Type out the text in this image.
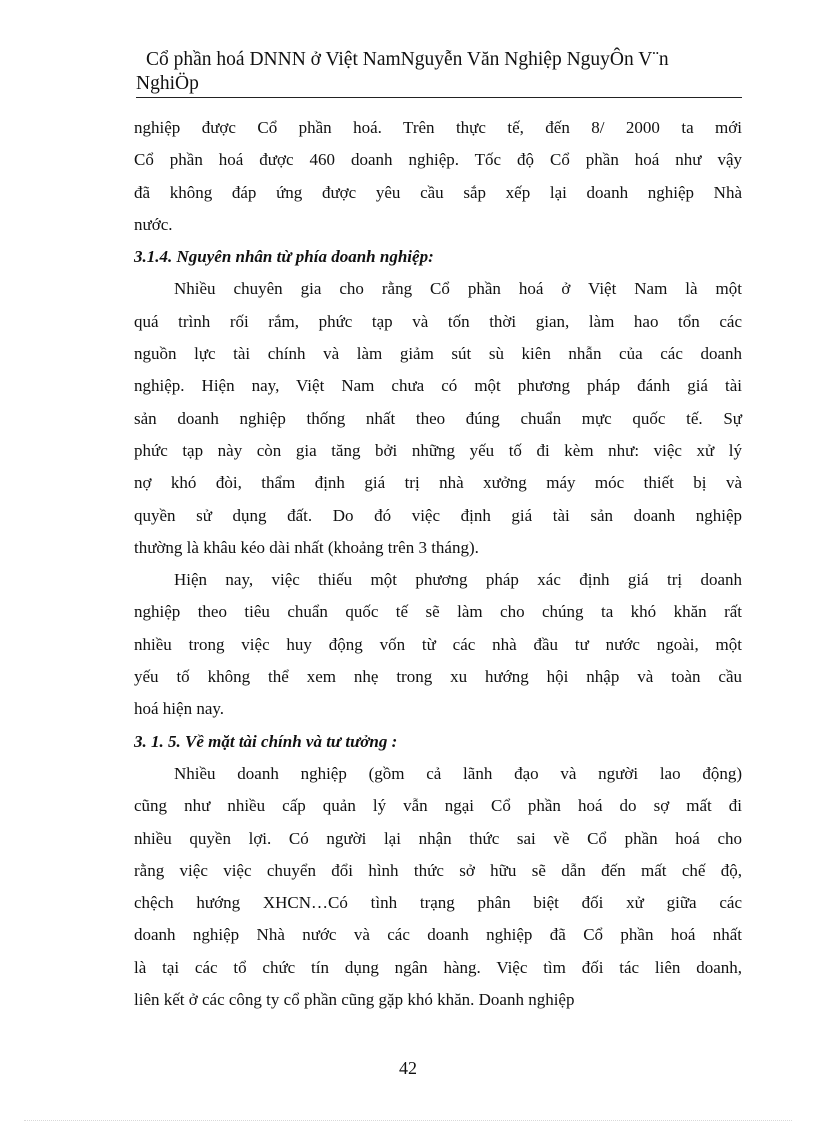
Cổ phần hoá DNNN ở Việt NamNguyễn Văn Nghiệp NguyÔn V¨n
NghiÖp
nghiệp được Cổ phần hoá. Trên thực tế, đến 8/ 2000 ta mới
Cổ phần hoá được 460 doanh nghiệp. Tốc độ Cổ phần hoá như vậy
đã không đáp ứng được yêu cầu sắp xếp lại doanh nghiệp Nhà
nước.
3.1.4. Nguyên nhân từ phía doanh nghiệp:
Nhiều chuyên gia cho rằng Cổ phần hoá ở Việt Nam là một
quá trình rối rắm, phức tạp và tốn thời gian, làm hao tổn các
nguồn lực tài chính và làm giảm sút sù kiên nhẫn của các doanh
nghiệp. Hiện nay, Việt Nam chưa có một phương pháp đánh giá tài
sản doanh nghiệp thống nhất theo đúng chuẩn mực quốc tế. Sự
phức tạp này còn gia tăng bởi những yếu tố đi kèm như: việc xử lý
nợ khó đòi, thẩm định giá trị nhà xưởng máy móc thiết bị và
quyền sử dụng đất. Do đó việc định giá tài sản doanh nghiệp
thường là khâu kéo dài nhất (khoảng trên 3 tháng).
Hiện nay, việc thiếu một phương pháp xác định giá trị doanh
nghiệp theo tiêu chuẩn quốc tế sẽ làm cho chúng ta khó khăn rất
nhiều trong việc huy động vốn từ các nhà đầu tư nước ngoài, một
yếu tố không thể xem nhẹ trong xu hướng hội nhập và toàn cầu
hoá hiện nay.
3. 1. 5. Về mặt tài chính và tư tưởng :
Nhiều doanh nghiệp (gồm cả lãnh đạo và người lao động)
cũng như nhiều cấp quản lý vẫn ngại Cổ phần hoá do sợ mất đi
nhiều quyền lợi. Có người lại nhận thức sai về Cổ phần hoá cho
rằng việc việc chuyển đổi hình thức sở hữu sẽ dẫn đến mất chế độ,
chệch hướng XHCN…Có tình trạng phân biệt đối xử giữa các
doanh nghiệp Nhà nước và các doanh nghiệp đã Cổ phần hoá nhất
là tại các tổ chức tín dụng ngân hàng. Việc tìm đối tác liên doanh,
liên kết ở các công ty cổ phần cũng gặp khó khăn. Doanh nghiệp
42
